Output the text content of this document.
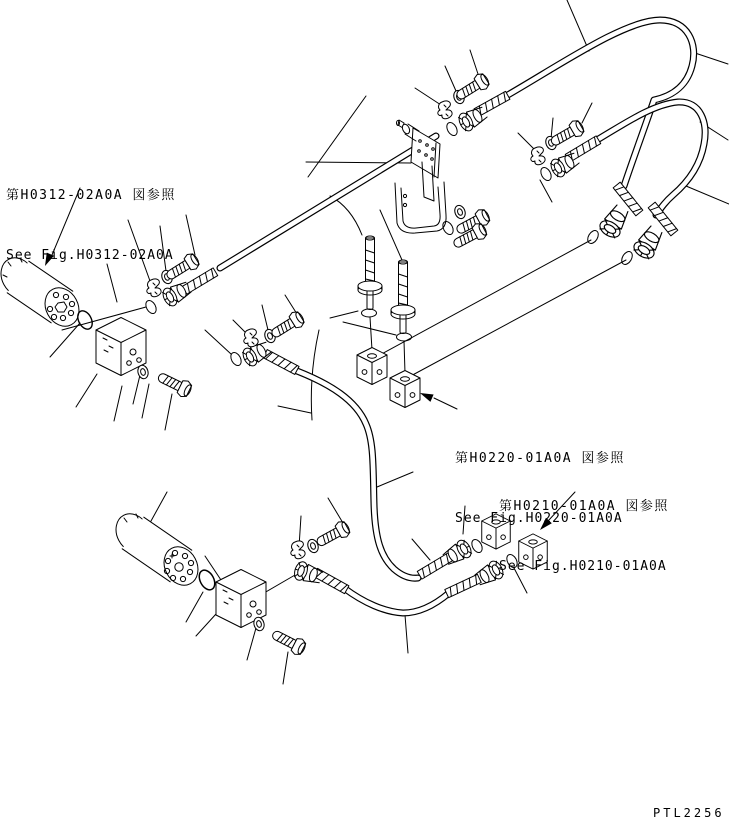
第H0312-02A0A 図参照

See Fig.H0312-02A0A

第H0220-01A0A 図参照

See Fig.H0220-01A0A

第H0210-01A0A 図参照

See Fig.H0210-01A0A

PTL2256
